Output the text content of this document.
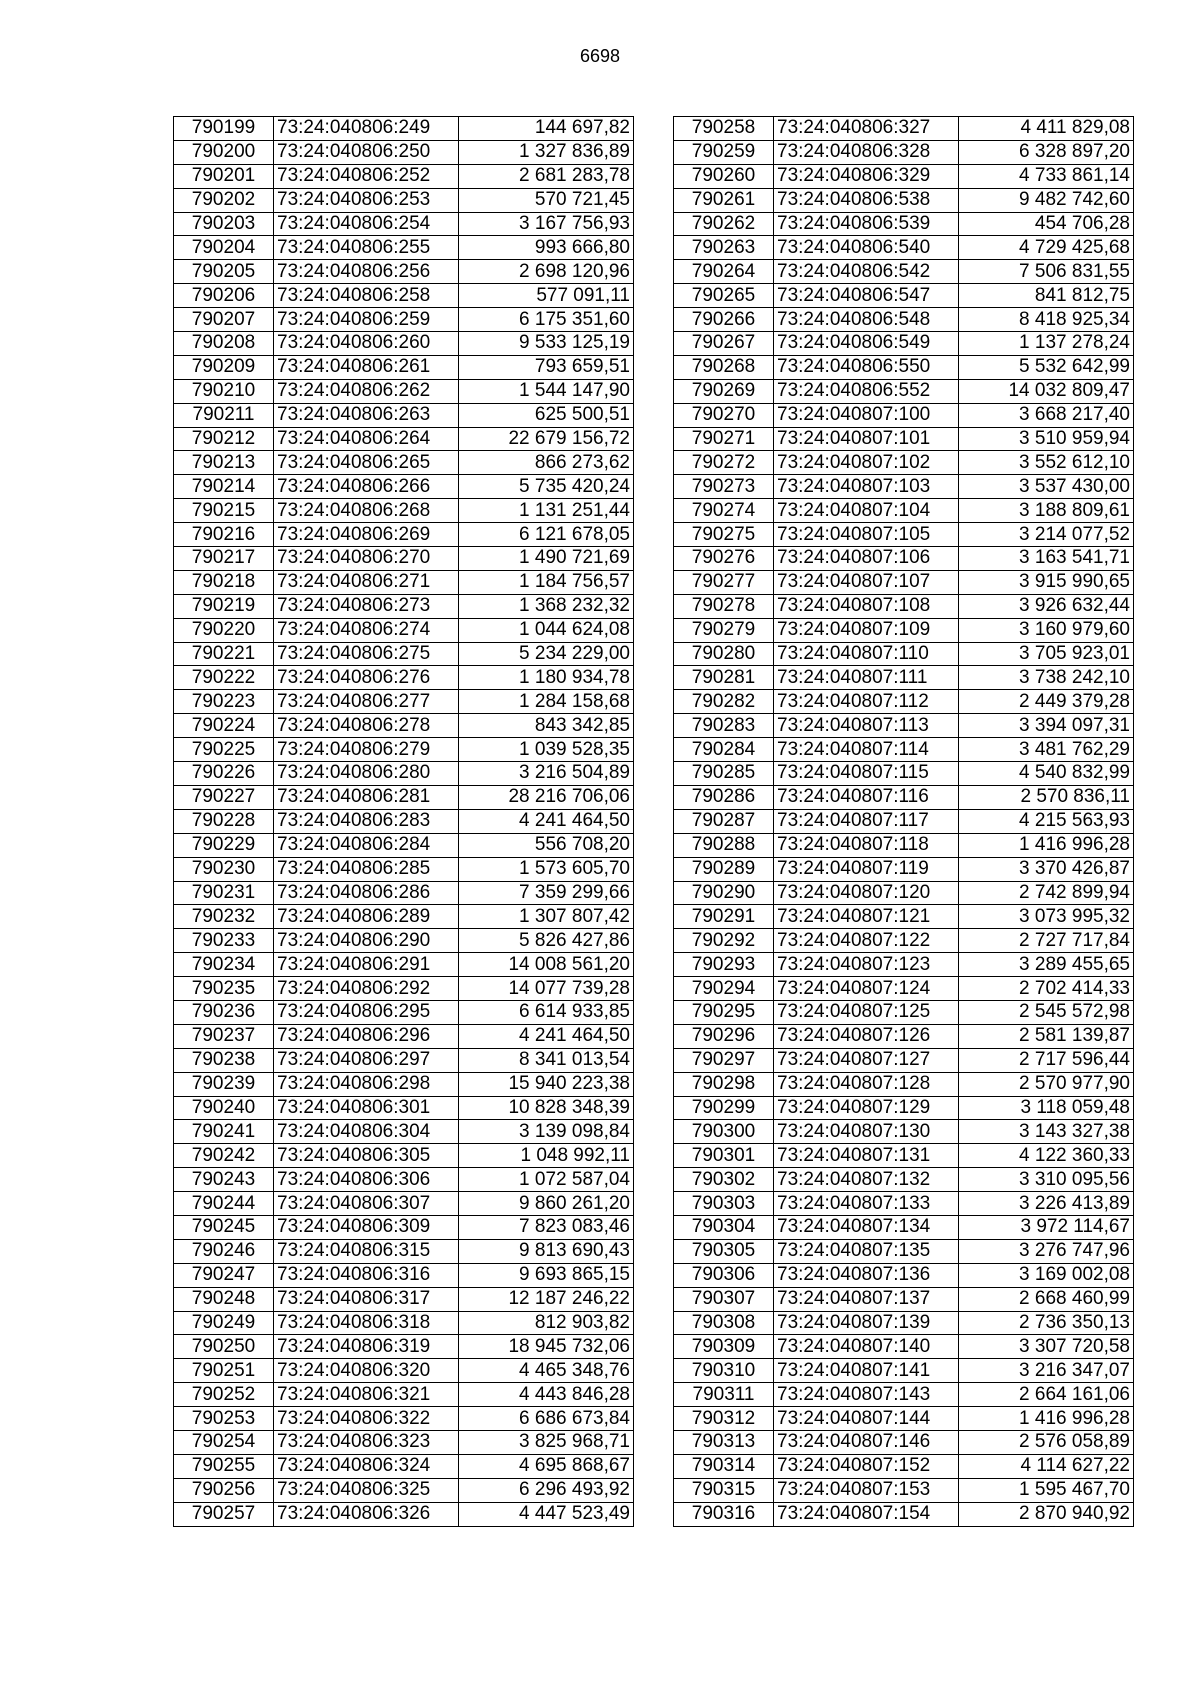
6698
790199	73:24:040806:249	144 697,82
790200	73:24:040806:250	1 327 836,89
790201	73:24:040806:252	2 681 283,78
790202	73:24:040806:253	570 721,45
790203	73:24:040806:254	3 167 756,93
790204	73:24:040806:255	993 666,80
790205	73:24:040806:256	2 698 120,96
790206	73:24:040806:258	577 091,11
790207	73:24:040806:259	6 175 351,60
790208	73:24:040806:260	9 533 125,19
790209	73:24:040806:261	793 659,51
790210	73:24:040806:262	1 544 147,90
790211	73:24:040806:263	625 500,51
790212	73:24:040806:264	22 679 156,72
790213	73:24:040806:265	866 273,62
790214	73:24:040806:266	5 735 420,24
790215	73:24:040806:268	1 131 251,44
790216	73:24:040806:269	6 121 678,05
790217	73:24:040806:270	1 490 721,69
790218	73:24:040806:271	1 184 756,57
790219	73:24:040806:273	1 368 232,32
790220	73:24:040806:274	1 044 624,08
790221	73:24:040806:275	5 234 229,00
790222	73:24:040806:276	1 180 934,78
790223	73:24:040806:277	1 284 158,68
790224	73:24:040806:278	843 342,85
790225	73:24:040806:279	1 039 528,35
790226	73:24:040806:280	3 216 504,89
790227	73:24:040806:281	28 216 706,06
790228	73:24:040806:283	4 241 464,50
790229	73:24:040806:284	556 708,20
790230	73:24:040806:285	1 573 605,70
790231	73:24:040806:286	7 359 299,66
790232	73:24:040806:289	1 307 807,42
790233	73:24:040806:290	5 826 427,86
790234	73:24:040806:291	14 008 561,20
790235	73:24:040806:292	14 077 739,28
790236	73:24:040806:295	6 614 933,85
790237	73:24:040806:296	4 241 464,50
790238	73:24:040806:297	8 341 013,54
790239	73:24:040806:298	15 940 223,38
790240	73:24:040806:301	10 828 348,39
790241	73:24:040806:304	3 139 098,84
790242	73:24:040806:305	1 048 992,11
790243	73:24:040806:306	1 072 587,04
790244	73:24:040806:307	9 860 261,20
790245	73:24:040806:309	7 823 083,46
790246	73:24:040806:315	9 813 690,43
790247	73:24:040806:316	9 693 865,15
790248	73:24:040806:317	12 187 246,22
790249	73:24:040806:318	812 903,82
790250	73:24:040806:319	18 945 732,06
790251	73:24:040806:320	4 465 348,76
790252	73:24:040806:321	4 443 846,28
790253	73:24:040806:322	6 686 673,84
790254	73:24:040806:323	3 825 968,71
790255	73:24:040806:324	4 695 868,67
790256	73:24:040806:325	6 296 493,92
790257	73:24:040806:326	4 447 523,49
790258	73:24:040806:327	4 411 829,08
790259	73:24:040806:328	6 328 897,20
790260	73:24:040806:329	4 733 861,14
790261	73:24:040806:538	9 482 742,60
790262	73:24:040806:539	454 706,28
790263	73:24:040806:540	4 729 425,68
790264	73:24:040806:542	7 506 831,55
790265	73:24:040806:547	841 812,75
790266	73:24:040806:548	8 418 925,34
790267	73:24:040806:549	1 137 278,24
790268	73:24:040806:550	5 532 642,99
790269	73:24:040806:552	14 032 809,47
790270	73:24:040807:100	3 668 217,40
790271	73:24:040807:101	3 510 959,94
790272	73:24:040807:102	3 552 612,10
790273	73:24:040807:103	3 537 430,00
790274	73:24:040807:104	3 188 809,61
790275	73:24:040807:105	3 214 077,52
790276	73:24:040807:106	3 163 541,71
790277	73:24:040807:107	3 915 990,65
790278	73:24:040807:108	3 926 632,44
790279	73:24:040807:109	3 160 979,60
790280	73:24:040807:110	3 705 923,01
790281	73:24:040807:111	3 738 242,10
790282	73:24:040807:112	2 449 379,28
790283	73:24:040807:113	3 394 097,31
790284	73:24:040807:114	3 481 762,29
790285	73:24:040807:115	4 540 832,99
790286	73:24:040807:116	2 570 836,11
790287	73:24:040807:117	4 215 563,93
790288	73:24:040807:118	1 416 996,28
790289	73:24:040807:119	3 370 426,87
790290	73:24:040807:120	2 742 899,94
790291	73:24:040807:121	3 073 995,32
790292	73:24:040807:122	2 727 717,84
790293	73:24:040807:123	3 289 455,65
790294	73:24:040807:124	2 702 414,33
790295	73:24:040807:125	2 545 572,98
790296	73:24:040807:126	2 581 139,87
790297	73:24:040807:127	2 717 596,44
790298	73:24:040807:128	2 570 977,90
790299	73:24:040807:129	3 118 059,48
790300	73:24:040807:130	3 143 327,38
790301	73:24:040807:131	4 122 360,33
790302	73:24:040807:132	3 310 095,56
790303	73:24:040807:133	3 226 413,89
790304	73:24:040807:134	3 972 114,67
790305	73:24:040807:135	3 276 747,96
790306	73:24:040807:136	3 169 002,08
790307	73:24:040807:137	2 668 460,99
790308	73:24:040807:139	2 736 350,13
790309	73:24:040807:140	3 307 720,58
790310	73:24:040807:141	3 216 347,07
790311	73:24:040807:143	2 664 161,06
790312	73:24:040807:144	1 416 996,28
790313	73:24:040807:146	2 576 058,89
790314	73:24:040807:152	4 114 627,22
790315	73:24:040807:153	1 595 467,70
790316	73:24:040807:154	2 870 940,92
